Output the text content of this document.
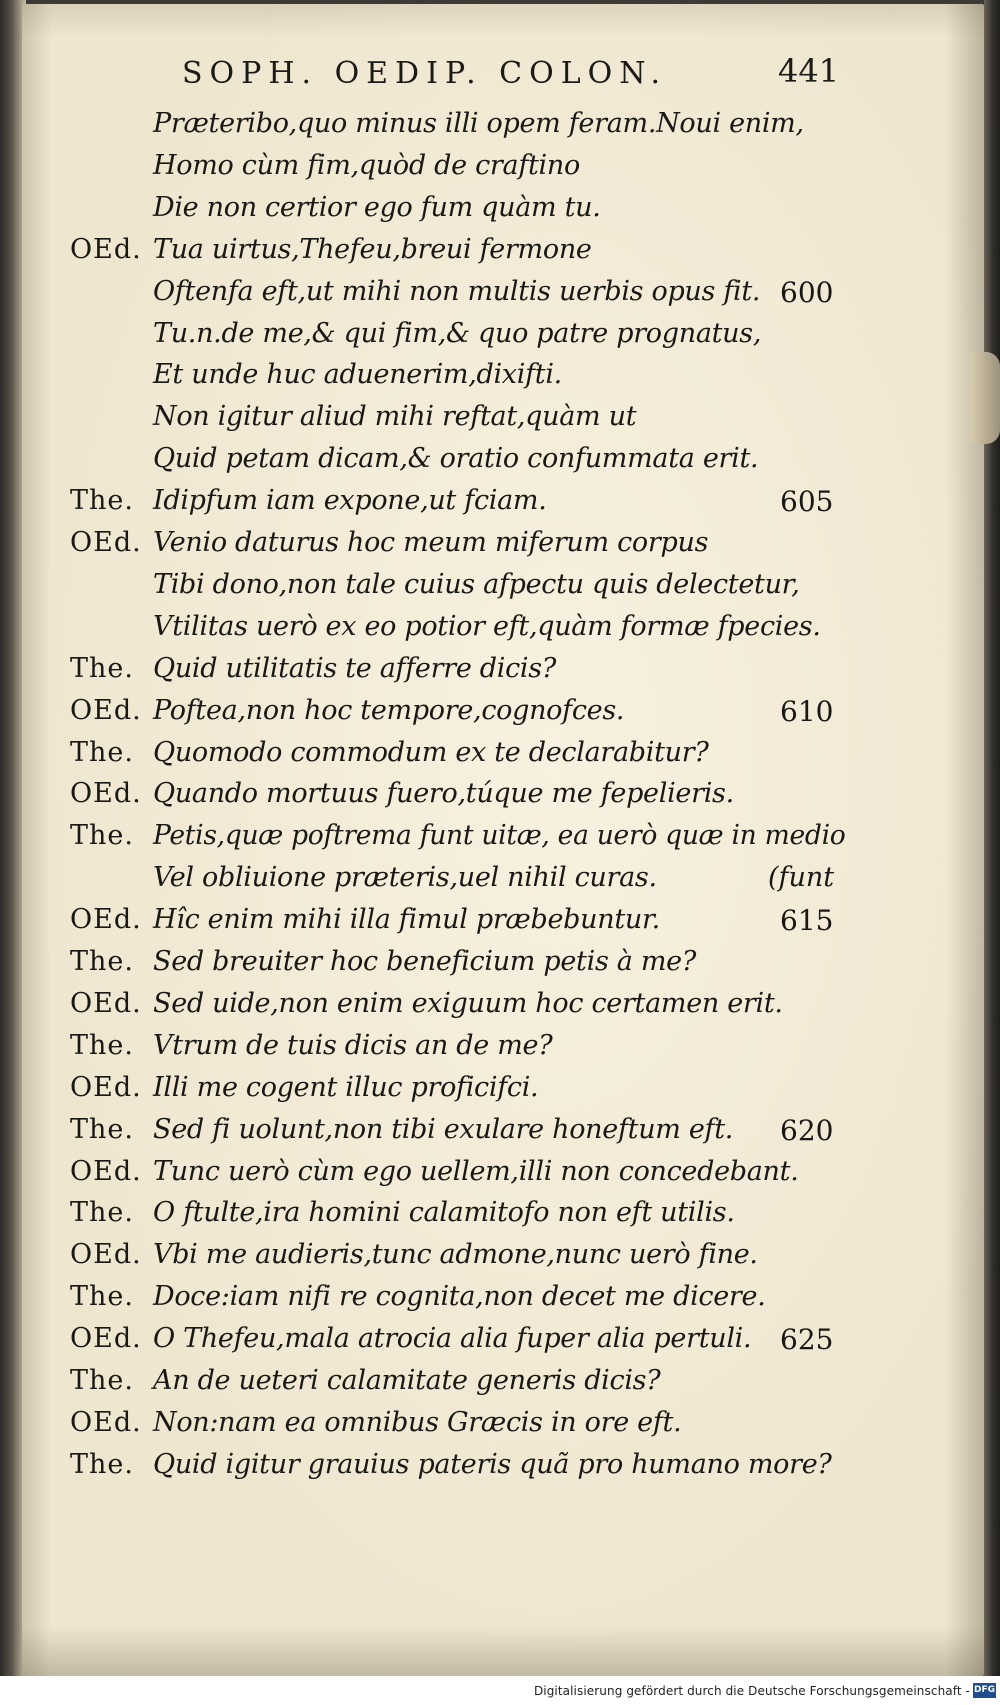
SOPH. OEDIP. COLON.	441
Præteribo,quo minus illi opem feram.Noui enim,
Homo cùm fim,quòd de craftino
Die non certior ego fum quàm tu.
OEd. Tua uirtus,Thefeu,breui fermone
Oftenfa eft,ut mihi non multis uerbis opus fit. 600
Tu.n.de me,& qui fim,& quo patre prognatus,
Et unde huc aduenerim,dixifti.
Non igitur aliud mihi reftat,quàm ut
Quid petam dicam,& oratio confummata erit.
The. Idipfum iam expone,ut fciam.	605
OEd. Venio daturus hoc meum miferum corpus
Tibi dono,non tale cuius afpectu quis delectetur,
Vtilitas uerò ex eo potior eft,quàm formæ fpecies.
The. Quid utilitatis te afferre dicis?
OEd. Poftea,non hoc tempore,cognofces.	610
The. Quomodo commodum ex te declarabitur?
OEd. Quando mortuus fuero,túque me fepelieris.
The. Petis,quæ poftrema funt uitæ, ea uerò quæ in medio
Vel obliuione præteris,uel nihil curas.	(funt
OEd. Hîc enim mihi illa fimul præbebuntur.	615
The. Sed breuiter hoc beneficium petis à me?
OEd. Sed uide,non enim exiguum hoc certamen erit.
The. Vtrum de tuis dicis an de me?
OEd. Illi me cogent illuc proficifci.
The. Sed fi uolunt,non tibi exulare honeftum eft. 620
OEd. Tunc uerò cùm ego uellem,illi non concedebant.
The. O ftulte,ira homini calamitofo non eft utilis.
OEd. Vbi me audieris,tunc admone,nunc uerò fine.
The. Doce:iam nifi re cognita,non decet me dicere.
OEd. O Thefeu,mala atrocia alia fuper alia pertuli. 625
The. An de ueteri calamitate generis dicis?
OEd. Non:nam ea omnibus Græcis in ore eft.
The. Quid igitur grauius pateris quã pro humano more?
Digitalisierung gefördert durch die Deutsche Forschungsgemeinschaft - DFG
